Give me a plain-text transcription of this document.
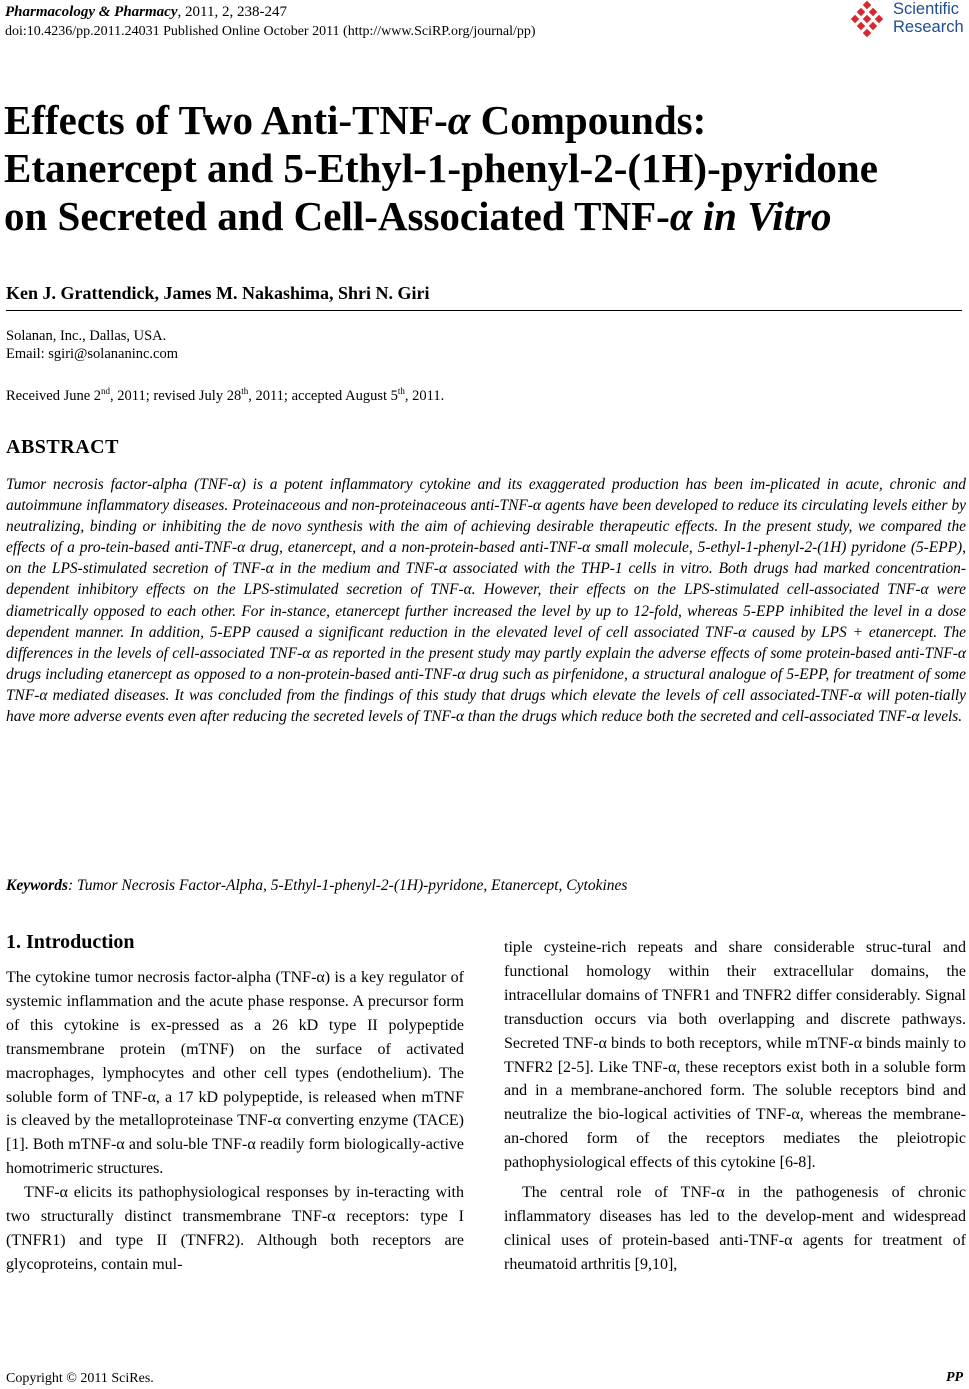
Pharmacology & Pharmacy, 2011, 2, 238-247
doi:10.4236/pp.2011.24031 Published Online October 2011 (http://www.SciRP.org/journal/pp)
Scientific
Research
Effects of Two Anti-TNF-α Compounds:
Etanercept and 5-Ethyl-1-phenyl-2-(1H)-pyridone
on Secreted and Cell-Associated TNF-α in Vitro
Ken J. Grattendick, James M. Nakashima, Shri N. Giri
Solanan, Inc., Dallas, USA.
Email: sgiri@solananinc.com
Received June 2nd, 2011; revised July 28th, 2011; accepted August 5th, 2011.
ABSTRACT
Tumor necrosis factor-alpha (TNF-α) is a potent inflammatory cytokine and its exaggerated production has been im-plicated in acute, chronic and autoimmune inflammatory diseases. Proteinaceous and non-proteinaceous anti-TNF-α agents have been developed to reduce its circulating levels either by neutralizing, binding or inhibiting the de novo synthesis with the aim of achieving desirable therapeutic effects. In the present study, we compared the effects of a pro-tein-based anti-TNF-α drug, etanercept, and a non-protein-based anti-TNF-α small molecule, 5-ethyl-1-phenyl-2-(1H) pyridone (5-EPP), on the LPS-stimulated secretion of TNF-α in the medium and TNF-α associated with the THP-1 cells in vitro. Both drugs had marked concentration-dependent inhibitory effects on the LPS-stimulated secretion of TNF-α. However, their effects on the LPS-stimulated cell-associated TNF-α were diametrically opposed to each other. For in-stance, etanercept further increased the level by up to 12-fold, whereas 5-EPP inhibited the level in a dose dependent manner. In addition, 5-EPP caused a significant reduction in the elevated level of cell associated TNF-α caused by LPS + etanercept. The differences in the levels of cell-associated TNF-α as reported in the present study may partly explain the adverse effects of some protein-based anti-TNF-α drugs including etanercept as opposed to a non-protein-based anti-TNF-α drug such as pirfenidone, a structural analogue of 5-EPP, for treatment of some TNF-α mediated diseases. It was concluded from the findings of this study that drugs which elevate the levels of cell associated-TNF-α will poten-tially have more adverse events even after reducing the secreted levels of TNF-α than the drugs which reduce both the secreted and cell-associated TNF-α levels.
Keywords: Tumor Necrosis Factor-Alpha, 5-Ethyl-1-phenyl-2-(1H)-pyridone, Etanercept, Cytokines
1. Introduction

The cytokine tumor necrosis factor-alpha (TNF-α) is a key regulator of systemic inflammation and the acute phase response. A precursor form of this cytokine is ex-pressed as a 26 kD type II polypeptide transmembrane protein (mTNF) on the surface of activated macrophages, lymphocytes and other cell types (endothelium). The soluble form of TNF-α, a 17 kD polypeptide, is released when mTNF is cleaved by the metalloproteinase TNF-α converting enzyme (TACE) [1]. Both mTNF-α and solu-ble TNF-α readily form biologically-active homotrimeric structures.

TNF-α elicits its pathophysiological responses by in-teracting with two structurally distinct transmembrane TNF-α receptors: type I (TNFR1) and type II (TNFR2). Although both receptors are glycoproteins, contain mul-

tiple cysteine-rich repeats and share considerable struc-tural and functional homology within their extracellular domains, the intracellular domains of TNFR1 and TNFR2 differ considerably. Signal transduction occurs via both overlapping and discrete pathways. Secreted TNF-α binds to both receptors, while mTNF-α binds mainly to TNFR2 [2-5]. Like TNF-α, these receptors exist both in a soluble form and in a membrane-anchored form. The soluble receptors bind and neutralize the bio-logical activities of TNF-α, whereas the membrane-an-chored form of the receptors mediates the pleiotropic pathophysiological effects of this cytokine [6-8].

The central role of TNF-α in the pathogenesis of chronic inflammatory diseases has led to the develop-ment and widespread clinical uses of protein-based anti-TNF-α agents for treatment of rheumatoid arthritis [9,10],

Copyright © 2011 SciRes.	PP
